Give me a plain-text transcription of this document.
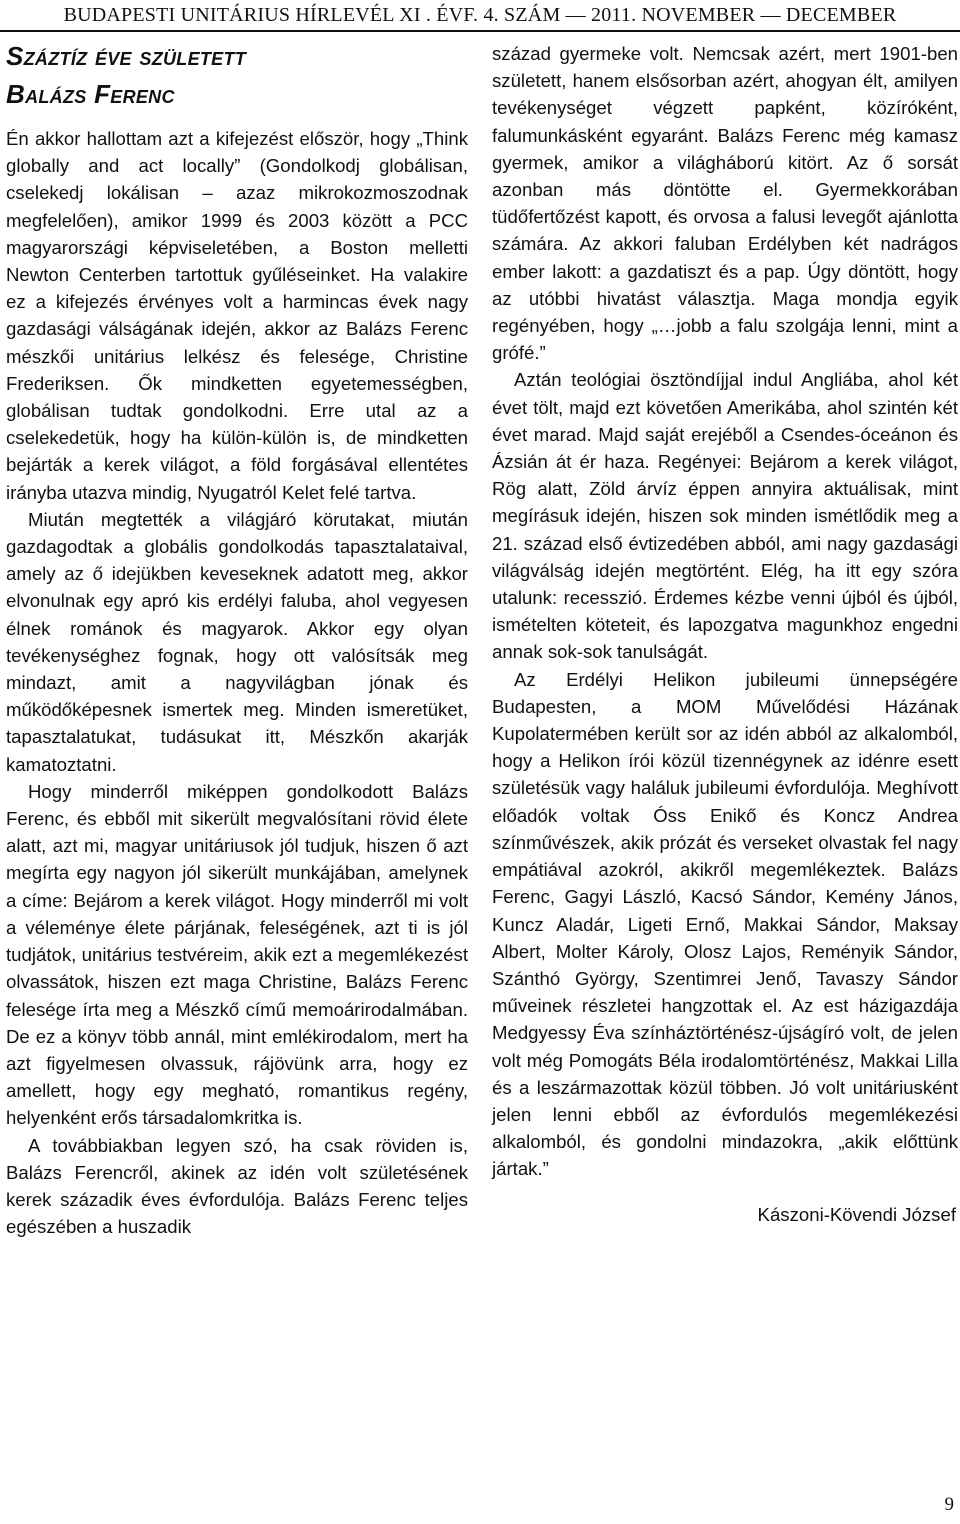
BUDAPESTI UNITÁRIUS HÍRLEVÉL XI . ÉVF. 4. SZÁM — 2011. NOVEMBER — DECEMBER
Száztíz éve született
Balázs Ferenc

Én akkor hallottam azt a kifejezést először, hogy „Think globally and act locally” (Gondolkodj globálisan, cselekedj lokálisan – azaz mikrokozmoszodnak megfelelően), amikor 1999 és 2003 között a PCC magyarországi képviseletében, a Boston melletti Newton Centerben tartottuk gyűléseinket. Ha valakire ez a kifejezés érvényes volt a harmincas évek nagy gazdasági válságának idején, akkor az Balázs Ferenc mészkői unitárius lelkész és felesége, Christine Frederiksen. Ők mindketten egyetemességben, globálisan tudtak gondolkodni. Erre utal az a cselekedetük, hogy ha külön-külön is, de mindketten bejárták a kerek világot, a föld forgásával ellentétes irányba utazva mindig, Nyugatról Kelet felé tartva.

Miután megtették a világjáró körutakat, miután gazdagodtak a globális gondolkodás tapasztalataival, amely az ő idejükben keveseknek adatott meg, akkor elvonulnak egy apró kis erdélyi faluba, ahol vegyesen élnek románok és magyarok. Akkor egy olyan tevékenységhez fognak, hogy ott valósítsák meg mindazt, amit a nagyvilágban jónak és működőképesnek ismertek meg. Minden ismeretüket, tapasztalatukat, tudásukat itt, Mészkőn akarják kamatoztatni.

Hogy minderről miképpen gondolkodott Balázs Ferenc, és ebből mit sikerült megvalósítani rövid élete alatt, azt mi, magyar unitáriusok jól tudjuk, hiszen ő azt megírta egy nagyon jól sikerült munkájában, amelynek a címe: Bejárom a kerek világot. Hogy minderről mi volt a véleménye élete párjának, feleségének, azt ti is jól tudjátok, unitárius testvéreim, akik ezt a megemlékezést olvassátok, hiszen ezt maga Christine, Balázs Ferenc felesége írta meg a Mészkő című memoárirodalmában. De ez a könyv több annál, mint emlékirodalom, mert ha azt figyelmesen olvassuk, rájövünk arra, hogy ez amellett, hogy egy megható, romantikus regény, helyenként erős társadalomkritka is.

A továbbiakban legyen szó, ha csak röviden is, Balázs Ferencről, akinek az idén volt születésének kerek századik éves évfordulója. Balázs Ferenc teljes egészében a huszadik

század gyermeke volt. Nemcsak azért, mert 1901-ben született, hanem elsősorban azért, ahogyan élt, amilyen tevékenységet végzett papként, közíróként, falumunkásként egyaránt. Balázs Ferenc még kamasz gyermek, amikor a világháború kitört. Az ő sorsát azonban más döntötte el. Gyermekkorában tüdőfertőzést kapott, és orvosa a falusi levegőt ajánlotta számára. Az akkori faluban Erdélyben két nadrágos ember lakott: a gazdatiszt és a pap. Úgy döntött, hogy az utóbbi hivatást választja. Maga mondja egyik regényében, hogy „…jobb a falu szolgája lenni, mint a grófé.”

Aztán teológiai ösztöndíjjal indul Angliába, ahol két évet tölt, majd ezt követően Amerikába, ahol szintén két évet marad. Majd saját erejéből a Csendes-óceánon és Ázsián át ér haza. Regényei: Bejárom a kerek világot, Rög alatt, Zöld árvíz éppen annyira aktuálisak, mint megírásuk idején, hiszen sok minden ismétlődik meg a 21. század első évtizedében abból, ami nagy gazdasági világválság idején megtörtént. Elég, ha itt egy szóra utalunk: recesszió. Érdemes kézbe venni újból és újból, ismételten köteteit, és lapozgatva magunkhoz engedni annak sok-sok tanulságát.

Az Erdélyi Helikon jubileumi ünnepségére Budapesten, a MOM Művelődési Házának Kupolatermében került sor az idén abból az alkalomból, hogy a Helikon írói közül tizennégynek az idénre esett születésük vagy haláluk jubileumi évfordulója. Meghívott előadók voltak Óss Enikő és Koncz Andrea színművészek, akik prózát és verseket olvastak fel nagy empátiával azokról, akikről megemlékeztek. Balázs Ferenc, Gagyi László, Kacsó Sándor, Kemény János, Kuncz Aladár, Ligeti Ernő, Makkai Sándor, Maksay Albert, Molter Károly, Olosz Lajos, Reményik Sándor, Szánthó György, Szentimrei Jenő, Tavaszy Sándor műveinek részletei hangzottak el. Az est házigazdája Medgyessy Éva színháztörténész-újságíró volt, de jelen volt még Pomogáts Béla irodalomtörténész, Makkai Lilla és a leszármazottak közül többen. Jó volt unitáriusként jelen lenni ebből az évfordulós megemlékezési alkalomból, és gondolni mindazokra, „akik előttünk jártak.”

Kászoni-Kövendi József

9
